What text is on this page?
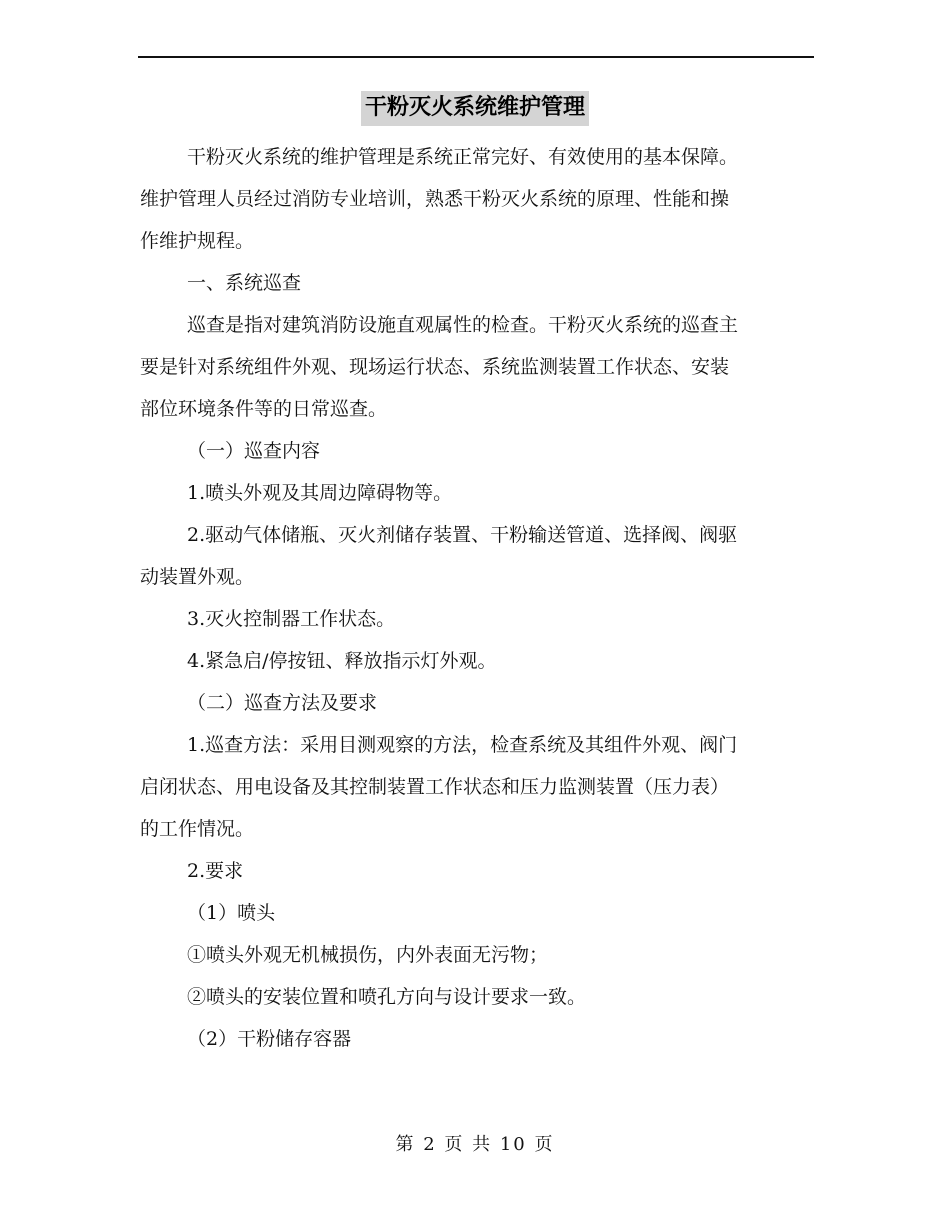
干粉灭火系统维护管理

干粉灭火系统的维护管理是系统正常完好、有效使用的基本保障。

维护管理人员经过消防专业培训，熟悉干粉灭火系统的原理、性能和操

作维护规程。

一、系统巡查

巡查是指对建筑消防设施直观属性的检查。干粉灭火系统的巡查主

要是针对系统组件外观、现场运行状态、系统监测装置工作状态、安装

部位环境条件等的日常巡查。

（一）巡查内容

1.喷头外观及其周边障碍物等。

2.驱动气体储瓶、灭火剂储存装置、干粉输送管道、选择阀、阀驱

动装置外观。

3.灭火控制器工作状态。

4.紧急启/停按钮、释放指示灯外观。

（二）巡查方法及要求

1.巡查方法：采用目测观察的方法，检查系统及其组件外观、阀门

启闭状态、用电设备及其控制装置工作状态和压力监测装置（压力表）

的工作情况。

2.要求

（1）喷头

①喷头外观无机械损伤，内外表面无污物；

②喷头的安装位置和喷孔方向与设计要求一致。

（2）干粉储存容器

第 2 页 共 10 页
